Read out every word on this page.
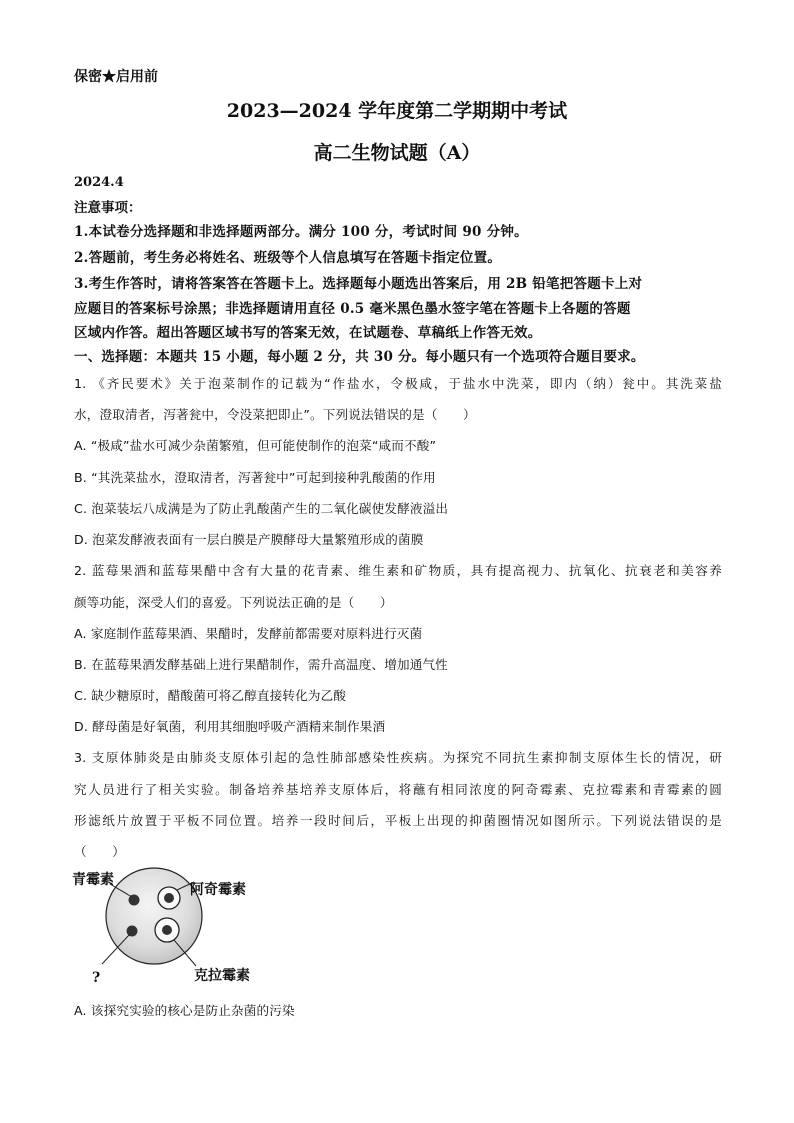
保密★启用前
2023—2024 学年度第二学期期中考试
高二生物试题（A）
2024.4
注意事项：
1.本试卷分选择题和非选择题两部分。满分 100 分，考试时间 90 分钟。
2.答题前，考生务必将姓名、班级等个人信息填写在答题卡指定位置。
3.考生作答时，请将答案答在答题卡上。选择题每小题选出答案后，用 2B 铅笔把答题卡上对
应题目的答案标号涂黑；非选择题请用直径 0.5 毫米黑色墨水签字笔在答题卡上各题的答题
区域内作答。超出答题区域书写的答案无效，在试题卷、草稿纸上作答无效。
一、选择题：本题共 15 小题，每小题 2 分，共 30 分。每小题只有一个选项符合题目要求。
1. 《齐民要术》关于泡菜制作的记载为“作盐水，令极咸，于盐水中洗菜，即内（纳）瓮中。其洗菜盐
水，澄取清者，泻著瓮中，令没菜把即止”。下列说法错误的是（　　）
A. “极咸”盐水可减少杂菌繁殖，但可能使制作的泡菜“咸而不酸”
B. “其洗菜盐水，澄取清者，泻著瓮中”可起到接种乳酸菌的作用
C. 泡菜装坛八成满是为了防止乳酸菌产生的二氧化碳使发酵液溢出
D. 泡菜发酵液表面有一层白膜是产膜酵母大量繁殖形成的菌膜
2. 蓝莓果酒和蓝莓果醋中含有大量的花青素、维生素和矿物质，具有提高视力、抗氧化、抗衰老和美容养
颜等功能，深受人们的喜爱。下列说法正确的是（　　）
A. 家庭制作蓝莓果酒、果醋时，发酵前都需要对原料进行灭菌
B. 在蓝莓果酒发酵基础上进行果醋制作，需升高温度、增加通气性
C. 缺少糖原时，醋酸菌可将乙醇直接转化为乙酸
D. 酵母菌是好氧菌，利用其细胞呼吸产酒精来制作果酒
3. 支原体肺炎是由肺炎支原体引起的急性肺部感染性疾病。为探究不同抗生素抑制支原体生长的情况，研
究人员进行了相关实验。制备培养基培养支原体后，将蘸有相同浓度的阿奇霉素、克拉霉素和青霉素的圆
形滤纸片放置于平板不同位置。培养一段时间后，平板上出现的抑菌圈情况如图所示。下列说法错误的是
（　　）
青霉素
阿奇霉素
?	克拉霉素
A. 该探究实验的核心是防止杂菌的污染
